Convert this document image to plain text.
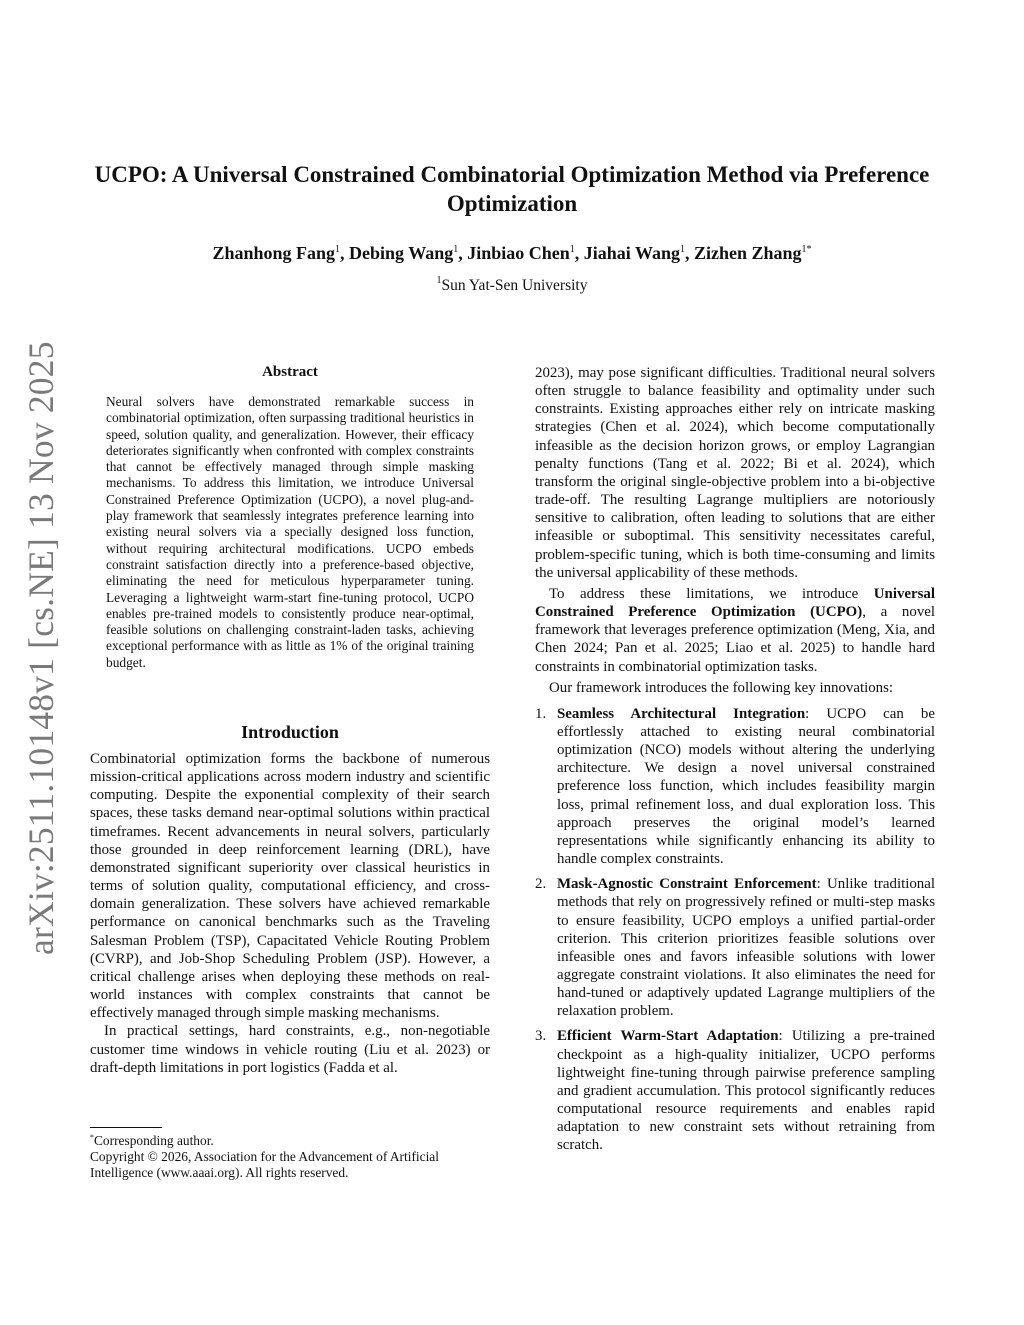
arXiv:2511.10148v1 [cs.NE] 13 Nov 2025
UCPO: A Universal Constrained Combinatorial Optimization Method via Preference Optimization
Zhanhong Fang$^1$, Debing Wang$^1$, Jinbiao Chen$^1$, Jiahai Wang$^1$, Zizhen Zhang$^{1*}$
$^1$Sun Yat-Sen University
Abstract

Neural solvers have demonstrated remarkable success in combinatorial optimization, often surpassing traditional heuristics in speed, solution quality, and generalization. However, their efficacy deteriorates significantly when confronted with complex constraints that cannot be effectively managed through simple masking mechanisms. To address this limitation, we introduce Universal Constrained Preference Optimization (UCPO), a novel plug-and-play framework that seamlessly integrates preference learning into existing neural solvers via a specially designed loss function, without requiring architectural modifications. UCPO embeds constraint satisfaction directly into a preference-based objective, eliminating the need for meticulous hyperparameter tuning. Leveraging a lightweight warm-start fine-tuning protocol, UCPO enables pre-trained models to consistently produce near-optimal, feasible solutions on challenging constraint-laden tasks, achieving exceptional performance with as little as 1% of the original training budget.

Introduction

Combinatorial optimization forms the backbone of numerous mission-critical applications across modern industry and scientific computing. Despite the exponential complexity of their search spaces, these tasks demand near-optimal solutions within practical timeframes. Recent advancements in neural solvers, particularly those grounded in deep reinforcement learning (DRL), have demonstrated significant superiority over classical heuristics in terms of solution quality, computational efficiency, and cross-domain generalization. These solvers have achieved remarkable performance on canonical benchmarks such as the Traveling Salesman Problem (TSP), Capacitated Vehicle Routing Problem (CVRP), and Job-Shop Scheduling Problem (JSP). However, a critical challenge arises when deploying these methods on real-world instances with complex constraints that cannot be effectively managed through simple masking mechanisms.

In practical settings, hard constraints, e.g., non-negotiable customer time windows in vehicle routing (Liu et al. 2023) or draft-depth limitations in port logistics (Fadda et al.

*Corresponding author.

Copyright © 2026, Association for the Advancement of Artificial Intelligence (www.aaai.org). All rights reserved.

2023), may pose significant difficulties. Traditional neural solvers often struggle to balance feasibility and optimality under such constraints. Existing approaches either rely on intricate masking strategies (Chen et al. 2024), which become computationally infeasible as the decision horizon grows, or employ Lagrangian penalty functions (Tang et al. 2022; Bi et al. 2024), which transform the original single-objective problem into a bi-objective trade-off. The resulting Lagrange multipliers are notoriously sensitive to calibration, often leading to solutions that are either infeasible or suboptimal. This sensitivity necessitates careful, problem-specific tuning, which is both time-consuming and limits the universal applicability of these methods.

To address these limitations, we introduce Universal Constrained Preference Optimization (UCPO), a novel framework that leverages preference optimization (Meng, Xia, and Chen 2024; Pan et al. 2025; Liao et al. 2025) to handle hard constraints in combinatorial optimization tasks.

Our framework introduces the following key innovations:

1. Seamless Architectural Integration: UCPO can be effortlessly attached to existing neural combinatorial optimization (NCO) models without altering the underlying architecture. We design a novel universal constrained preference loss function, which includes feasibility margin loss, primal refinement loss, and dual exploration loss. This approach preserves the original model’s learned representations while significantly enhancing its ability to handle complex constraints.
2. Mask-Agnostic Constraint Enforcement: Unlike traditional methods that rely on progressively refined or multi-step masks to ensure feasibility, UCPO employs a unified partial-order criterion. This criterion prioritizes feasible solutions over infeasible ones and favors infeasible solutions with lower aggregate constraint violations. It also eliminates the need for hand-tuned or adaptively updated Lagrange multipliers of the relaxation problem.
3. Efficient Warm-Start Adaptation: Utilizing a pre-trained checkpoint as a high-quality initializer, UCPO performs lightweight fine-tuning through pairwise preference sampling and gradient accumulation. This protocol significantly reduces computational resource requirements and enables rapid adaptation to new constraint sets without retraining from scratch.
